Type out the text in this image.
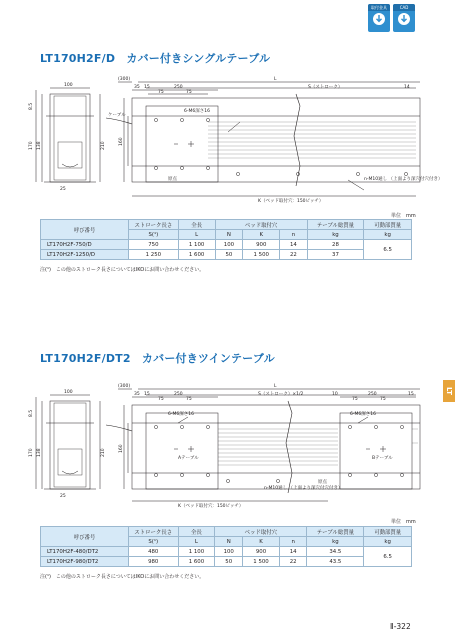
取付金具	CAD
LT170H2F/D　カバー付きシングルテーブル
(300)
100	35 15	250
75	75
L
S（ストローク）	14
8.5
170 138	210	160
25
K（ベッド取付穴：150ピッチ）
6-M6深さ16
ケーブル
原点	n-M10通し （上面より深穴付穴付き）
単位　mm
呼び番号	ストローク長さ	全長	ベッド取付穴			テーブル総質量	可動部質量
	S(¹)	L	N	K	n	kg	kg
LT170H2F-750/D	750	1 100	100	900	14	28	6.5
LT170H2F-1250/D	1 250	1 600	50	1 500	22	37	
注(¹)　この他のストローク長さについてはIKOにお問い合わせください。
LT170H2F/DT2　カバー付きツインテーブル
(300)
100	35 15	250
75	75
L
S（ストローク）×1/2	10	250
75	75
15
8.5
170 138	210	160
25
K（ベッド取付穴：150ピッチ）
6-M6深さ16	6-M6深さ16
Aテーブル	Bテーブル
原点
n-M10通し （上面より深穴付穴付き）
単位　mm
呼び番号	ストローク長さ	全長	ベッド取付穴			テーブル総質量	可動部質量
	S(¹)	L	N	K	n	kg	kg
LT170H2F-480/DT2	480	1 100	100	900	14	34.5	6.5
LT170H2F-980/DT2	980	1 600	50	1 500	22	43.5	
注(¹)　この他のストローク長さについてはIKOにお問い合わせください。
LT
Ⅱ-322
